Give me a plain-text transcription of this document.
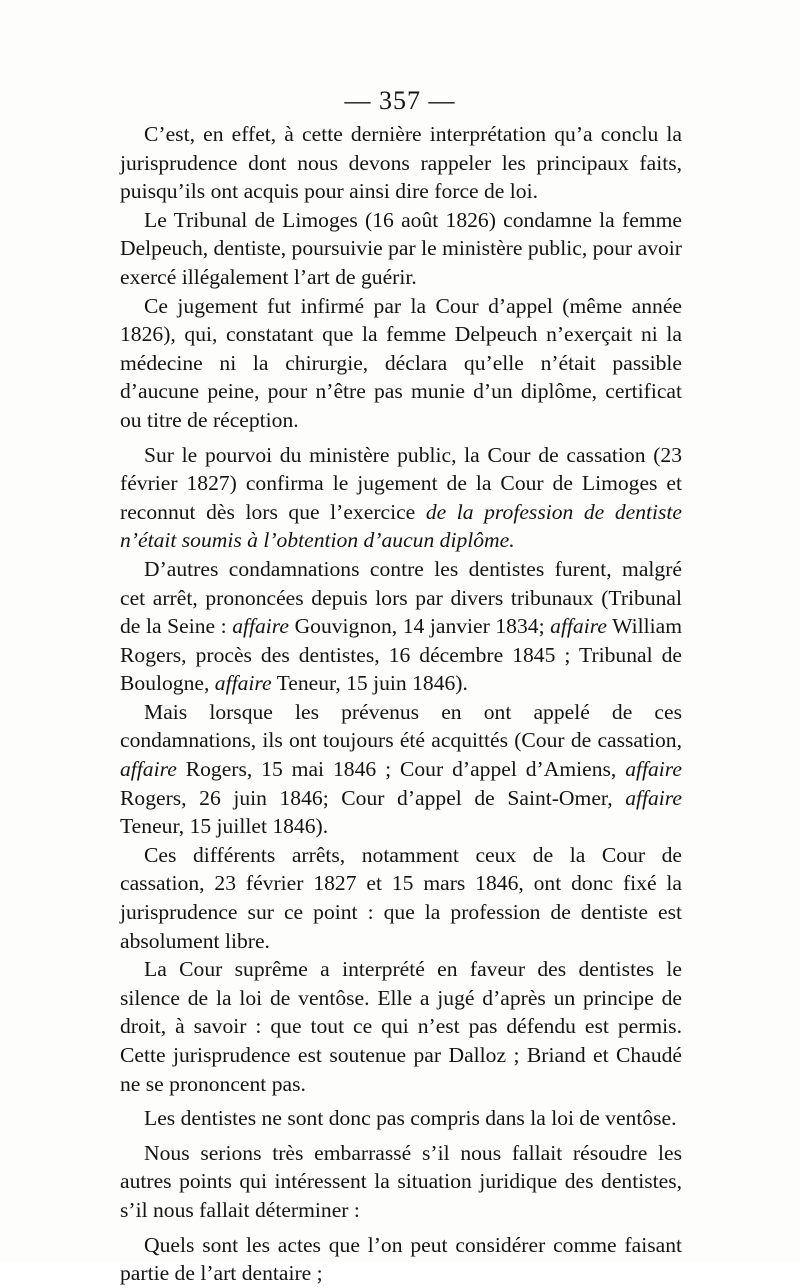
— 357 —

C’est, en effet, à cette dernière interprétation qu’a conclu la jurisprudence dont nous devons rappeler les principaux faits, puisqu’ils ont acquis pour ainsi dire force de loi.

Le Tribunal de Limoges (16 août 1826) condamne la femme Delpeuch, dentiste, poursuivie par le ministère public, pour avoir exercé illégalement l’art de guérir.

Ce jugement fut infirmé par la Cour d’appel (même année 1826), qui, constatant que la femme Delpeuch n’exerçait ni la médecine ni la chirurgie, déclara qu’elle n’était passible d’aucune peine, pour n’être pas munie d’un diplôme, certificat ou titre de réception.

Sur le pourvoi du ministère public, la Cour de cassation (23 février 1827) confirma le jugement de la Cour de Limoges et reconnut dès lors que l’exercice de la profession de dentiste n’était soumis à l’obtention d’aucun diplôme.

D’autres condamnations contre les dentistes furent, malgré cet arrêt, prononcées depuis lors par divers tribunaux (Tribunal de la Seine : affaire Gouvignon, 14 janvier 1834; affaire William Rogers, procès des dentistes, 16 décembre 1845 ; Tribunal de Boulogne, affaire Teneur, 15 juin 1846).

Mais lorsque les prévenus en ont appelé de ces condamnations, ils ont toujours été acquittés (Cour de cassation, affaire Rogers, 15 mai 1846 ; Cour d’appel d’Amiens, affaire Rogers, 26 juin 1846; Cour d’appel de Saint-Omer, affaire Teneur, 15 juillet 1846).

Ces différents arrêts, notamment ceux de la Cour de cassation, 23 février 1827 et 15 mars 1846, ont donc fixé la jurisprudence sur ce point : que la profession de dentiste est absolument libre.

La Cour suprême a interprété en faveur des dentistes le silence de la loi de ventôse. Elle a jugé d’après un principe de droit, à savoir : que tout ce qui n’est pas défendu est permis. Cette jurisprudence est soutenue par Dalloz ; Briand et Chaudé ne se prononcent pas.

Les dentistes ne sont donc pas compris dans la loi de ventôse.

Nous serions très embarrassé s’il nous fallait résoudre les autres points qui intéressent la situation juridique des dentistes, s’il nous fallait déterminer :

Quels sont les actes que l’on peut considérer comme faisant partie de l’art dentaire ;
